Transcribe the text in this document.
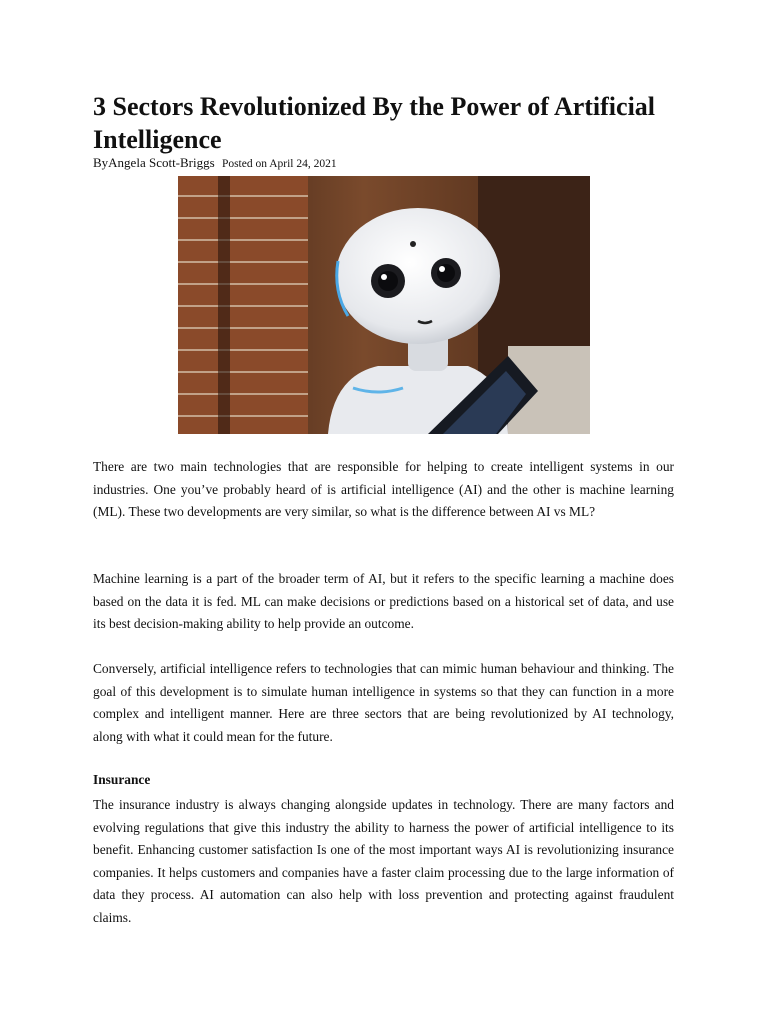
3 Sectors Revolutionized By the Power of Artificial Intelligence
ByAngela Scott-Briggs Posted on April 24, 2021

There are two main technologies that are responsible for helping to create intelligent systems in our industries. One you’ve probably heard of is artificial intelligence (AI) and the other is machine learning (ML). These two developments are very similar, so what is the difference between AI vs ML?

Machine learning is a part of the broader term of AI, but it refers to the specific learning a machine does based on the data it is fed. ML can make decisions or predictions based on a historical set of data, and use its best decision-making ability to help provide an outcome.

Conversely, artificial intelligence refers to technologies that can mimic human behaviour and thinking. The goal of this development is to simulate human intelligence in systems so that they can function in a more complex and intelligent manner. Here are three sectors that are being revolutionized by AI technology, along with what it could mean for the future.

Insurance

The insurance industry is always changing alongside updates in technology. There are many factors and evolving regulations that give this industry the ability to harness the power of artificial intelligence to its benefit. Enhancing customer satisfaction Is one of the most important ways AI is revolutionizing insurance companies. It helps customers and companies have a faster claim processing due to the large information of data they process. AI automation can also help with loss prevention and protecting against fraudulent claims.
